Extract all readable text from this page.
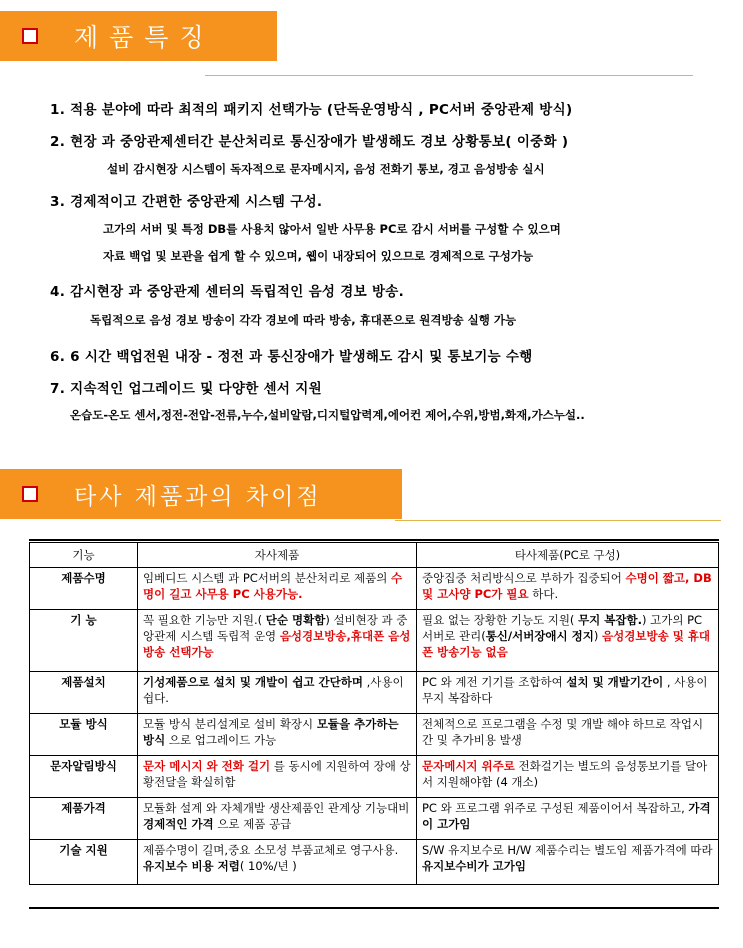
제품특징
1. 적용 분야에 따라 최적의 패키지 선택가능 (단독운영방식 , PC서버 중앙관제 방식)
2. 현장 과 중앙관제센터간 분산처리로 통신장애가 발생해도 경보 상황통보( 이중화 )
설비 감시현장 시스템이 독자적으로 문자메시지, 음성 전화기 통보, 경고 음성방송 실시
3. 경제적이고 간편한 중앙관제 시스템 구성.
고가의 서버 및 특정 DB를 사용치 않아서 일반 사무용 PC로 감시 서버를 구성할 수 있으며
자료 백업 및 보관을 쉽게 할 수 있으며, 웹이 내장되어 있으므로 경제적으로 구성가능
4. 감시현장 과 중앙관제 센터의 독립적인 음성 경보 방송.
독립적으로 음성 경보 방송이 각각 경보에 따라 방송, 휴대폰으로 원격방송 실행 가능
6. 6 시간 백업전원 내장 - 정전 과 통신장애가 발생해도 감시 및 통보기능 수행
7. 지속적인 업그레이드 및 다양한 센서 지원
온습도-온도 센서,정전-전압-전류,누수,설비알람,디지털압력계,에어컨 제어,수위,방범,화재,가스누설..
타사 제품과의 차이점
기능	자사제품	타사제품(PC로 구성)
제품수명	임베디드 시스템 과 PC서버의 분산처리로 제품의 수명이 길고 사무용 PC 사용가능.	중앙집중 처리방식으로 부하가 집중되어 수명이 짧고, DB 및 고사양 PC가 필요 하다.
기 능	꼭 필요한 기능만 지원.( 단순 명확함) 설비현장 과 중앙관제 시스템 독립적 운영 음성경보방송,휴대폰 음성방송 선택가능	필요 없는 장황한 기능도 지원( 무지 복잡함.) 고가의 PC서버로 관리(통신/서버장애시 정지) 음성경보방송 및 휴대폰 방송기능 없음
제품설치	기성제품으로 설치 및 개발이 쉽고 간단하며 ,사용이 쉽다.	PC 와 계전 기기를 조합하여 설치 및 개발기간이 , 사용이 무지 복잡하다
모듈 방식	모듈 방식 분리설계로 설비 확장시 모듈을 추가하는 방식 으로 업그레이드 가능	전체적으로 프로그램을 수정 및 개발 해야 하므로 작업시간 및 추가비용 발생
문자알림방식	문자 메시지 와 전화 걸기 를 동시에 지원하여 장애 상황전달을 확실히함	문자메시지 위주로 전화걸기는 별도의 음성통보기를 달아서 지원해야함 (4 개소)
제품가격	모듈화 설계 와 자체개발 생산제품인 관계상 기능대비 경제적인 가격 으로 제품 공급	PC 와 프로그램 위주로 구성된 제품이어서 복잡하고, 가격이 고가임
기술 지원	제품수명이 길며,중요 소모성 부품교체로 영구사용. 유지보수 비용 저렴( 10%/년 )	S/W 유지보수로 H/W 제품수리는 별도임 제품가격에 따라 유지보수비가 고가임
